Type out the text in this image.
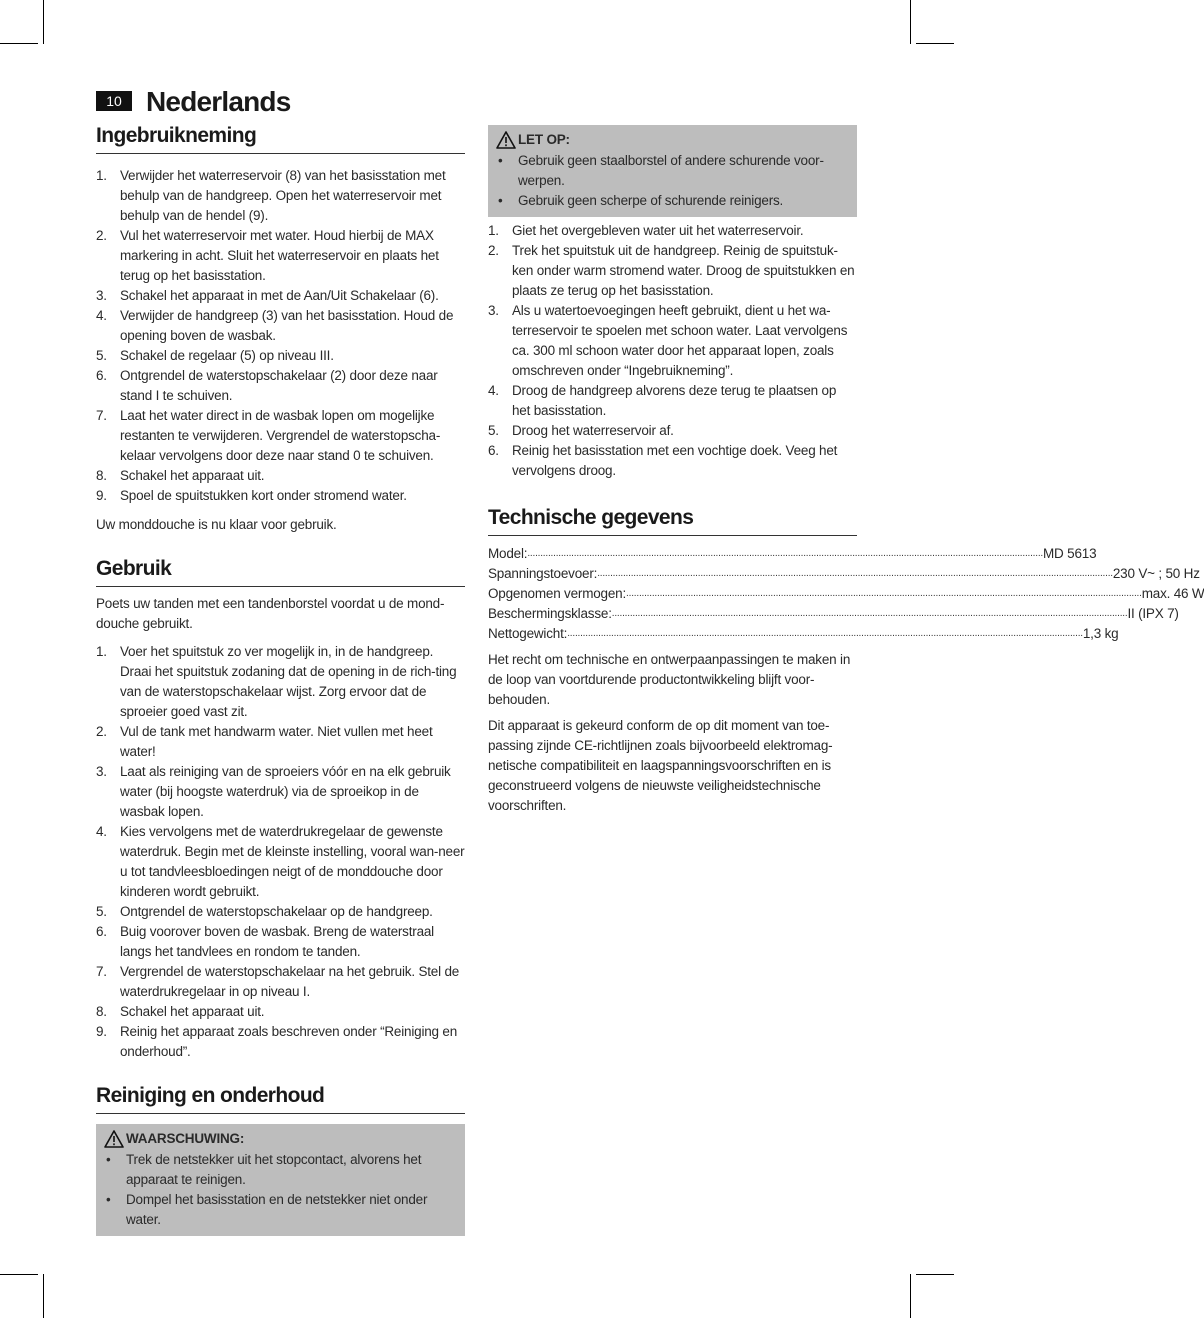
10 Nederlands
Ingebruikneming
1. Verwijder het waterreservoir (8) van het basisstation met behulp van de handgreep. Open het waterreservoir met behulp van de hendel (9).
2. Vul het waterreservoir met water. Houd hierbij de MAX markering in acht. Sluit het waterreservoir en plaats het terug op het basisstation.
3. Schakel het apparaat in met de Aan/Uit Schakelaar (6).
4. Verwijder de handgreep (3) van het basisstation. Houd de opening boven de wasbak.
5. Schakel de regelaar (5) op niveau III.
6. Ontgrendel de waterstopschakelaar (2) door deze naar stand I te schuiven.
7. Laat het water direct in de wasbak lopen om mogelijke restanten te verwijderen. Vergrendel de waterstopscha-kelaar vervolgens door deze naar stand 0 te schuiven.
8. Schakel het apparaat uit.
9. Spoel de spuitstukken kort onder stromend water.

Uw monddouche is nu klaar voor gebruik.

Gebruik

Poets uw tanden met een tandenborstel voordat u de mond-douche gebruikt.

1. Voer het spuitstuk zo ver mogelijk in, in de handgreep. Draai het spuitstuk zodaning dat de opening in de rich-ting van de waterstopschakelaar wijst. Zorg ervoor dat de sproeier goed vast zit.
2. Vul de tank met handwarm water. Niet vullen met heet water!
3. Laat als reiniging van de sproeiers vóór en na elk gebruik water (bij hoogste waterdruk) via de sproeikop in de wasbak lopen.
4. Kies vervolgens met de waterdrukregelaar de gewenste waterdruk. Begin met de kleinste instelling, vooral wan-neer u tot tandvleesbloedingen neigt of de monddouche door kinderen wordt gebruikt.
5. Ontgrendel de waterstopschakelaar op de handgreep.
6. Buig voorover boven de wasbak. Breng de waterstraal langs het tandvlees en rondom te tanden.
7. Vergrendel de waterstopschakelaar na het gebruik. Stel de waterdrukregelaar in op niveau I.
8. Schakel het apparaat uit.
9. Reinig het apparaat zoals beschreven onder “Reiniging en onderhoud”.
Reiniging en onderhoud
WAARSCHUWING:
• Trek de netstekker uit het stopcontact, alvorens het apparaat te reinigen.
• Dompel het basisstation en de netstekker niet onder water.
LET OP:
• Gebruik geen staalborstel of andere schurende voor-werpen.
• Gebruik geen scherpe of schurende reinigers.
1. Giet het overgebleven water uit het waterreservoir.
2. Trek het spuitstuk uit de handgreep. Reinig de spuitstuk-ken onder warm stromend water. Droog de spuitstukken en plaats ze terug op het basisstation.
3. Als u watertoevoegingen heeft gebruikt, dient u het wa-terreservoir te spoelen met schoon water. Laat vervolgens ca. 300 ml schoon water door het apparaat lopen, zoals omschreven onder “Ingebruikneming”.
4. Droog de handgreep alvorens deze terug te plaatsen op het basisstation.
5. Droog het waterreservoir af.
6. Reinig het basisstation met een vochtige doek. Veeg het vervolgens droog.
Technische gegevens
Model: ........................................................................................................................................................................................................ MD 5613
Spanningstoevoer: ........................................................................................................................................................................................................ 230 V~ ; 50 Hz
Opgenomen vermogen: ........................................................................................................................................................................................................ max. 46 W
Beschermingsklasse: ........................................................................................................................................................................................................ II (IPX 7)
Nettogewicht: ........................................................................................................................................................................................................ 1,3 kg

Het recht om technische en ontwerpaanpassingen te maken in de loop van voortdurende productontwikkeling blijft voor-behouden.

Dit apparaat is gekeurd conform de op dit moment van toe-passing zijnde CE-richtlijnen zoals bijvoorbeeld elektromag-netische compatibiliteit en laagspanningsvoorschriften en is geconstrueerd volgens de nieuwste veiligheidstechnische voorschriften.
